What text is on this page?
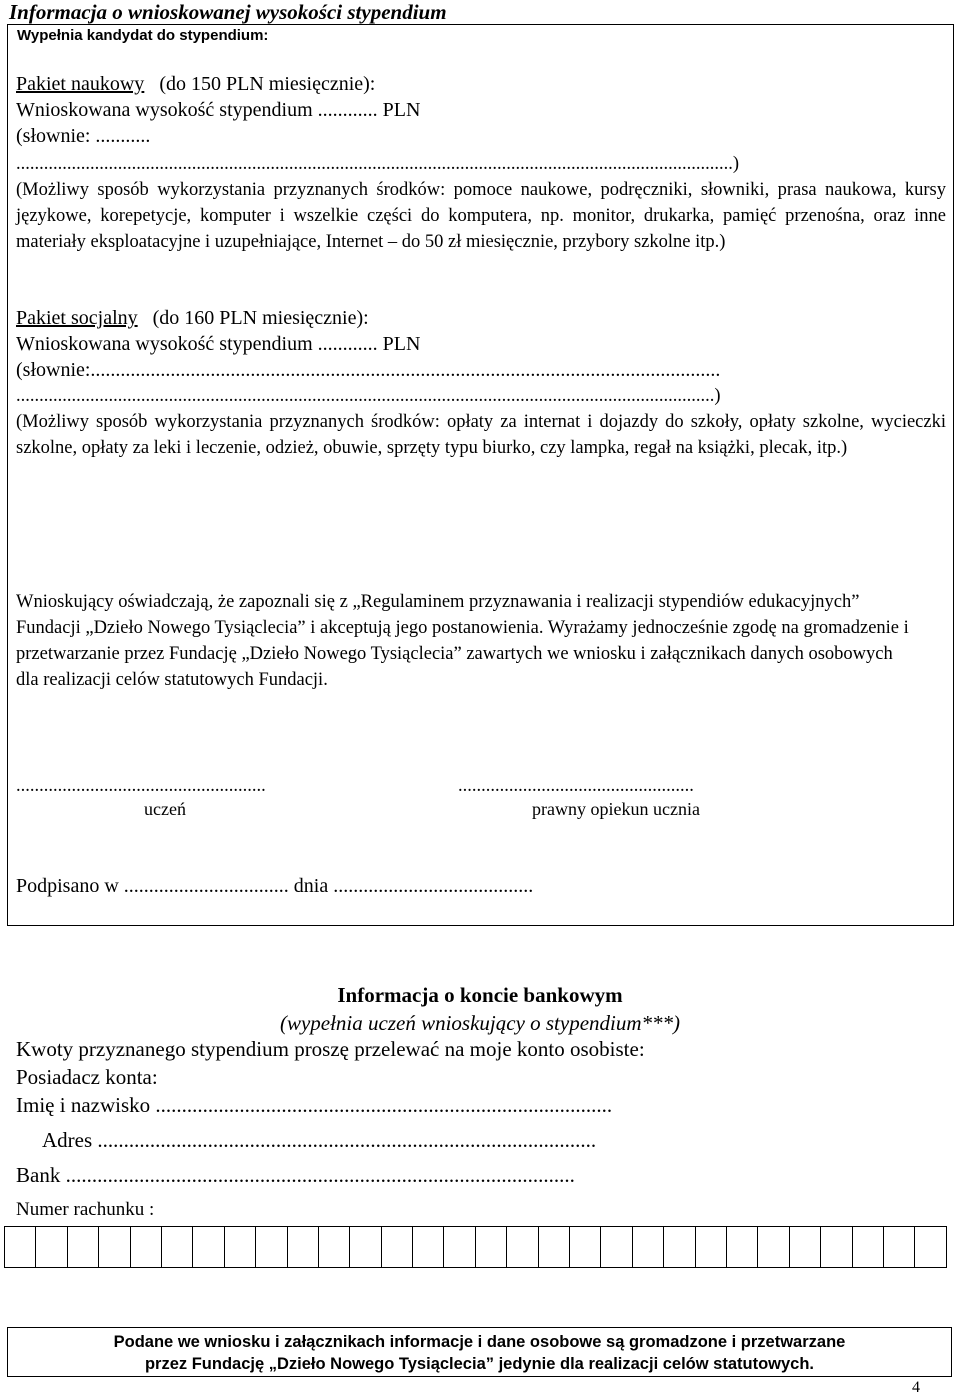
Informacja o wnioskowanej wysokości stypendium
Wypełnia kandydat do stypendium:
Pakiet naukowy (do 150 PLN miesięcznie):
Wnioskowana wysokość stypendium ............ PLN
(słownie: ...........
...........................................................................................................................................................)
(Możliwy sposób wykorzystania przyznanych środków: pomoce naukowe, podręczniki, słowniki, prasa naukowa, kursy językowe, korepetycje, komputer i wszelkie części do komputera, np. monitor, drukarka, pamięć przenośna, oraz inne materiały eksploatacyjne i uzupełniające, Internet – do 50 zł miesięcznie, przybory szkolne itp.)
Pakiet socjalny (do 160 PLN miesięcznie):
Wnioskowana wysokość stypendium ............ PLN
(słownie:..............................................................................................................................
.......................................................................................................................................................)
(Możliwy sposób wykorzystania przyznanych środków: opłaty za internat i dojazdy do szkoły, opłaty szkolne, wycieczki szkolne, opłaty za leki i leczenie, odzież, obuwie, sprzęty typu biurko, czy lampka, regał na książki, plecak, itp.)
Wnioskujący oświadczają, że zapoznali się z „Regulaminem przyznawania i realizacji stypendiów edukacyjnych” Fundacji „Dzieło Nowego Tysiąclecia” i akceptują jego postanowienia. Wyrażamy jednocześnie zgodę na gromadzenie i przetwarzanie przez Fundację „Dzieło Nowego Tysiąclecia” zawartych we wniosku i załącznikach danych osobowych dla realizacji celów statutowych Fundacji.
......................................................
uczeń
...................................................
prawny opiekun ucznia
Podpisano w ................................. dnia ........................................
Informacja o koncie bankowym
(wypełnia uczeń wnioskujący o stypendium***)
Kwoty przyznanego stypendium proszę przelewać na moje konto osobiste:
Posiadacz konta:
Imię i nazwisko .......................................................................................
Adres ...............................................................................................
Bank .................................................................................................
Numer rachunku :
Podane we wniosku i załącznikach informacje i dane osobowe są gromadzone i przetwarzane
przez Fundację „Dzieło Nowego Tysiąclecia” jedynie dla realizacji celów statutowych.
4
